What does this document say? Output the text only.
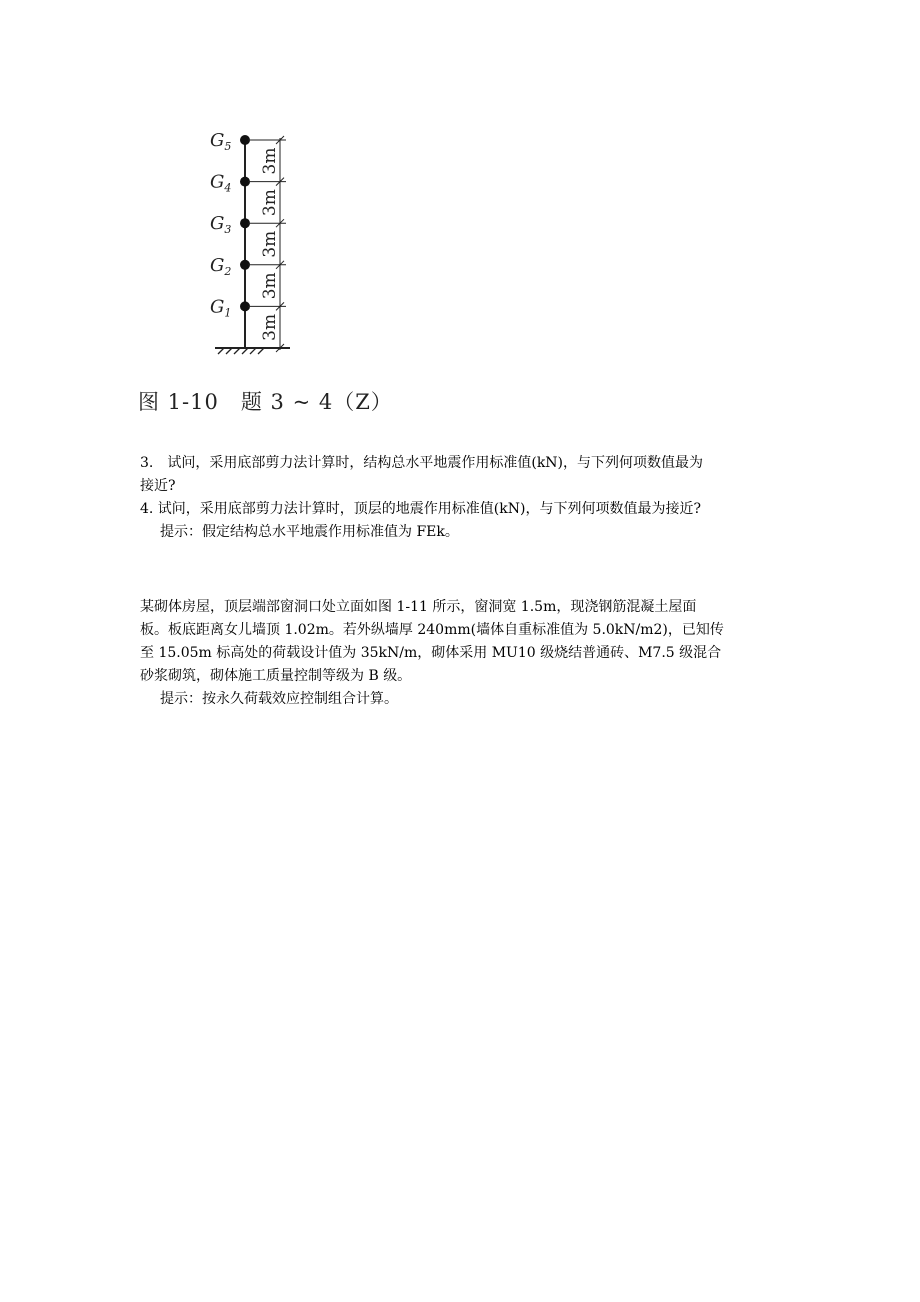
$G_5$
$G_4$
$G_3$
$G_2$
$G_1$
3m
3m
3m
3m
3m
图 1-10　题 3 ~ 4（Z）

3.　试问，采用底部剪力法计算时，结构总水平地震作用标准值(kN)，与下列何项数值最为

接近?

4. 试问，采用底部剪力法计算时，顶层的地震作用标准值(kN)，与下列何项数值最为接近?

提示：假定结构总水平地震作用标准值为 FEk。

某砌体房屋，顶层端部窗洞口处立面如图 1-11 所示，窗洞宽 1.5m，现浇钢筋混凝土屋面

板。板底距离女儿墙顶 1.02m。若外纵墙厚 240mm(墙体自重标准值为 5.0kN/m2)，已知传

至 15.05m 标高处的荷载设计值为 35kN/m，砌体采用 MU10 级烧结普通砖、M7.5 级混合

砂浆砌筑，砌体施工质量控制等级为 B 级。

提示：按永久荷载效应控制组合计算。
